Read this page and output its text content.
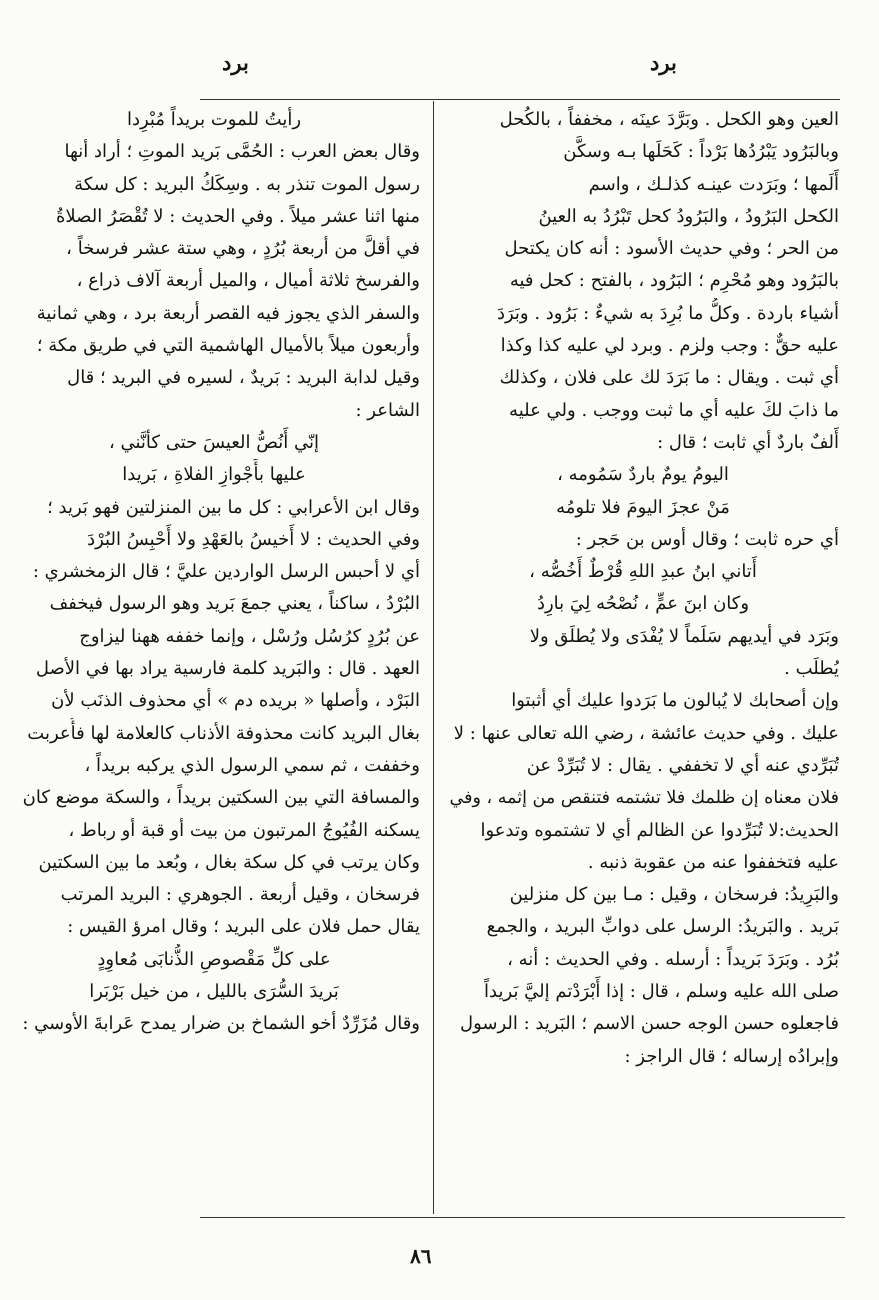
برد	برد
العين وهو الكحل . وبَرَّدَ عينَه ، مخففاً ، بالكُحل
وبالبَرُود يَبْرُدُها بَرْداً : كَحَلَها بـه وسكَّن
أَلَمها ؛ وبَرَدت عينـه كذلـك ، واسم
الكحل البَرُودُ ، والبَرُودُ كحل تَبْرُدُ به العينُ
من الحر ؛ وفي حديث الأسود : أنه كان يكتحل
بالبَرُود وهو مُحْرِم ؛ البَرُود ، بالفتح : كحل فيه
أشياء باردة . وكلُّ ما بُرِدَ به شيءٌ : بَرُود . وبَرَدَ
عليه حقٌّ : وجب ولزم . وبرد لي عليه كذا وكذا
أي ثبت . ويقال : ما بَرَدَ لك على فلان ، وكذلك
ما ذابَ لكَ عليه أي ما ثبت ووجب . ولي عليه
أَلفٌ باردٌ أي ثابت ؛ قال :
اليومُ يومٌ باردٌ سَمُومه ،
مَنْ عجزَ اليومَ فلا تلومُه
أي حره ثابت ؛ وقال أوس بن حَجر :
أَتاني ابنُ عبدِ اللهِ قُرْطٌ أَخُصُّه ،
وكان ابنَ عمٍّ ، نُصْحُه لِيَ بارِدُ
وبَرَد في أيديهم سَلَماً لا يُفْدَى ولا يُطلَق ولا
يُطلَب .
وإن أصحابك لا يُبالون ما بَرَدوا عليك أي أثبتوا
عليك . وفي حديث عائشة ، رضي الله تعالى عنها : لا
تُبَرِّدي عنه أي لا تخففي . يقال : لا تُبَرِّدْ عن
فلان معناه إن ظلمك فلا تشتمه فتنقص من إثمه ، وفي
الحديث:لا تُبَرِّدوا عن الظالم أي لا تشتموه وتدعوا
عليه فتخففوا عنه من عقوبة ذنبه .
والبَرِيدُ: فرسخان ، وقيل : مـا بين كل منزلين
بَريد . والبَريدُ: الرسل على دوابِّ البريد ، والجمع
بُرُد . وبَرَدَ بَريداً : أرسله . وفي الحديث : أنه ،
صلى الله عليه وسلم ، قال : إذا أَبْرَدْتم إليَّ بَريداً
فاجعلوه حسن الوجه حسن الاسم ؛ البَريد : الرسول
وإبرادُه إرساله ؛ قال الراجز :
رأيتُ للموت بريداً مُبْرِدا
وقال بعض العرب : الحُمَّى بَريد الموتِ ؛ أراد أنها
رسول الموت تنذر به . وسِكَكُ البريد : كل سكة
منها اثنا عشر ميلاً . وفي الحديث : لا تُقْصَرُ الصلاةُ
في أقلَّ من أربعة بُرُدٍ ، وهي ستة عشر فرسخاً ،
والفرسخ ثلاثة أميال ، والميل أربعة آلاف ذراع ،
والسفر الذي يجوز فيه القصر أربعة برد ، وهي ثمانية
وأربعون ميلاً بالأميال الهاشمية التي في طريق مكة ؛
وقيل لدابة البريد : بَريدٌ ، لسيره في البريد ؛ قال
الشاعر :
إنّي أَنُصُّ العيسَ حتى كأنَّني ،
عليها بأَجْوازِ الفلاةِ ، بَريدا
وقال ابن الأعرابي : كل ما بين المنزلتين فهو بَريد ؛
وفي الحديث : لا أَخيسُ بالعَهْدِ ولا أَحْبِسُ البُرْدَ
أي لا أحبس الرسل الواردين عليَّ ؛ قال الزمخشري :
البُرْدُ ، ساكناً ، يعني جمعَ بَريد وهو الرسول فيخفف
عن بُرُدٍ كرُسُل ورُسْل ، وإنما خففه ههنا ليزاوج
العهد . قال : والبَريد كلمة فارسية يراد بها في الأصل
البَرْد ، وأصلها « بريده دم » أي محذوف الذنَب لأن
بغال البريد كانت محذوفة الأذناب كالعلامة لها فأُعربت
وخففت ، ثم سمي الرسول الذي يركبه بريداً ،
والمسافة التي بين السكتين بريداً ، والسكة موضع كان
يسكنه الفُيُوجُ المرتبون من بيت أو قبة أو رباط ،
وكان يرتب في كل سكة بغال ، وبُعد ما بين السكتين
فرسخان ، وقيل أربعة . الجوهري : البريد المرتب
يقال حمل فلان على البريد ؛ وقال امرؤ القيس :
على كلِّ مَقْصوصِ الذُّنابَى مُعاوِدٍ
بَريدَ السُّرَى بالليل ، من خيل بَرْبَرا
وقال مُزَرِّدٌ أخو الشماخ بن ضرار يمدح عَرابةَ الأوسي :
٨٦
